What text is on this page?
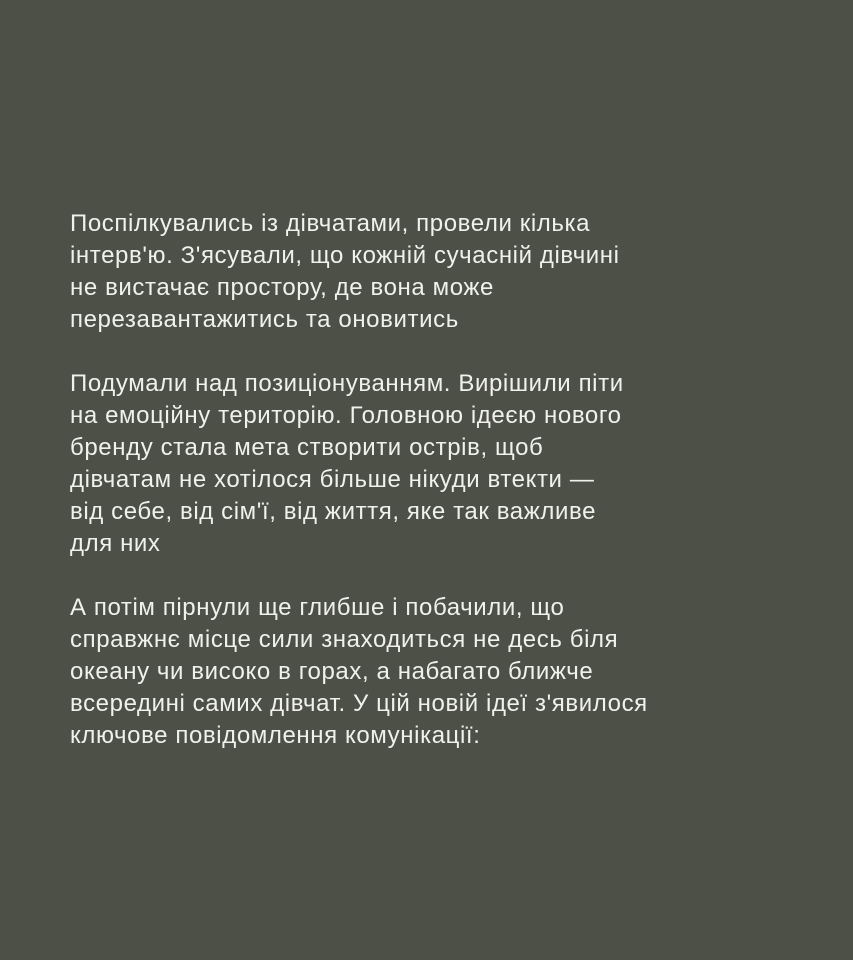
Поспілкувались із дівчатами, провели кілька
інтерв'ю. З'ясували, що кожній сучасній дівчині
не вистачає простору, де вона може
перезавантажитись та оновитись

Подумали над позиціонуванням. Вирішили піти
на емоційну територію. Головною ідеєю нового
бренду стала мета створити острів, щоб
дівчатам не хотілося більше нікуди втекти —
від себе, від сім'ї, від життя, яке так важливе
для них

А потім пірнули ще глибше і побачили, що
справжнє місце сили знаходиться не десь біля
океану чи високо в горах, а набагато ближче
всередині самих дівчат. У цій новій ідеї з'явилося
ключове повідомлення комунікації:
